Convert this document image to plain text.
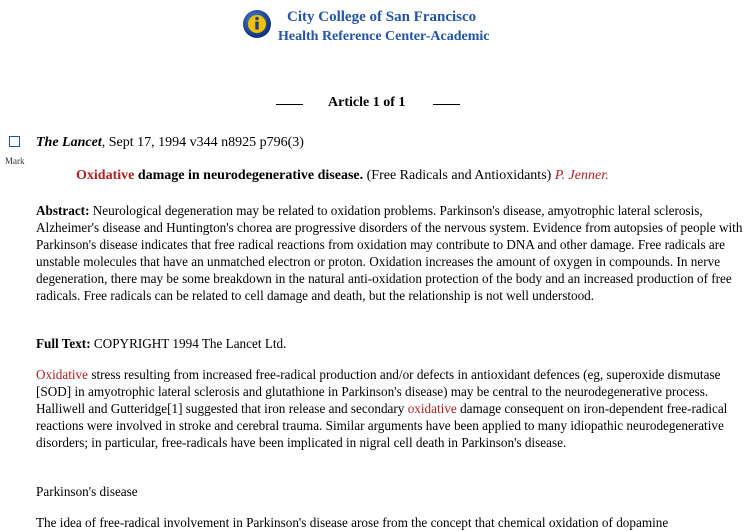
City College of San Francisco
Health Reference Center-Academic
Article 1 of 1
Mark
The Lancet, Sept 17, 1994 v344 n8925 p796(3)
Oxidative damage in neurodegenerative disease. (Free Radicals and Antioxidants) P. Jenner.
Abstract: Neurological degeneration may be related to oxidation problems. Parkinson's disease, amyotrophic lateral sclerosis, Alzheimer's disease and Huntington's chorea are progressive disorders of the nervous system. Evidence from autopsies of people with Parkinson's disease indicates that free radical reactions from oxidation may contribute to DNA and other damage. Free radicals are unstable molecules that have an unmatched electron or proton. Oxidation increases the amount of oxygen in compounds. In nerve degeneration, there may be some breakdown in the natural anti-oxidation protection of the body and an increased production of free radicals. Free radicals can be related to cell damage and death, but the relationship is not well understood.
Full Text: COPYRIGHT 1994 The Lancet Ltd.
Oxidative stress resulting from increased free-radical production and/or defects in antioxidant defences (eg, superoxide dismutase [SOD] in amyotrophic lateral sclerosis and glutathione in Parkinson's disease) may be central to the neurodegenerative process. Halliwell and Gutteridge[1] suggested that iron release and secondary oxidative damage consequent on iron-dependent free-radical reactions were involved in stroke and cerebral trauma. Similar arguments have been applied to many idiopathic neurodegenerative disorders; in particular, free-radicals have been implicated in nigral cell death in Parkinson's disease.
Parkinson's disease
The idea of free-radical involvement in Parkinson's disease arose from the concept that chemical oxidation of dopamine
